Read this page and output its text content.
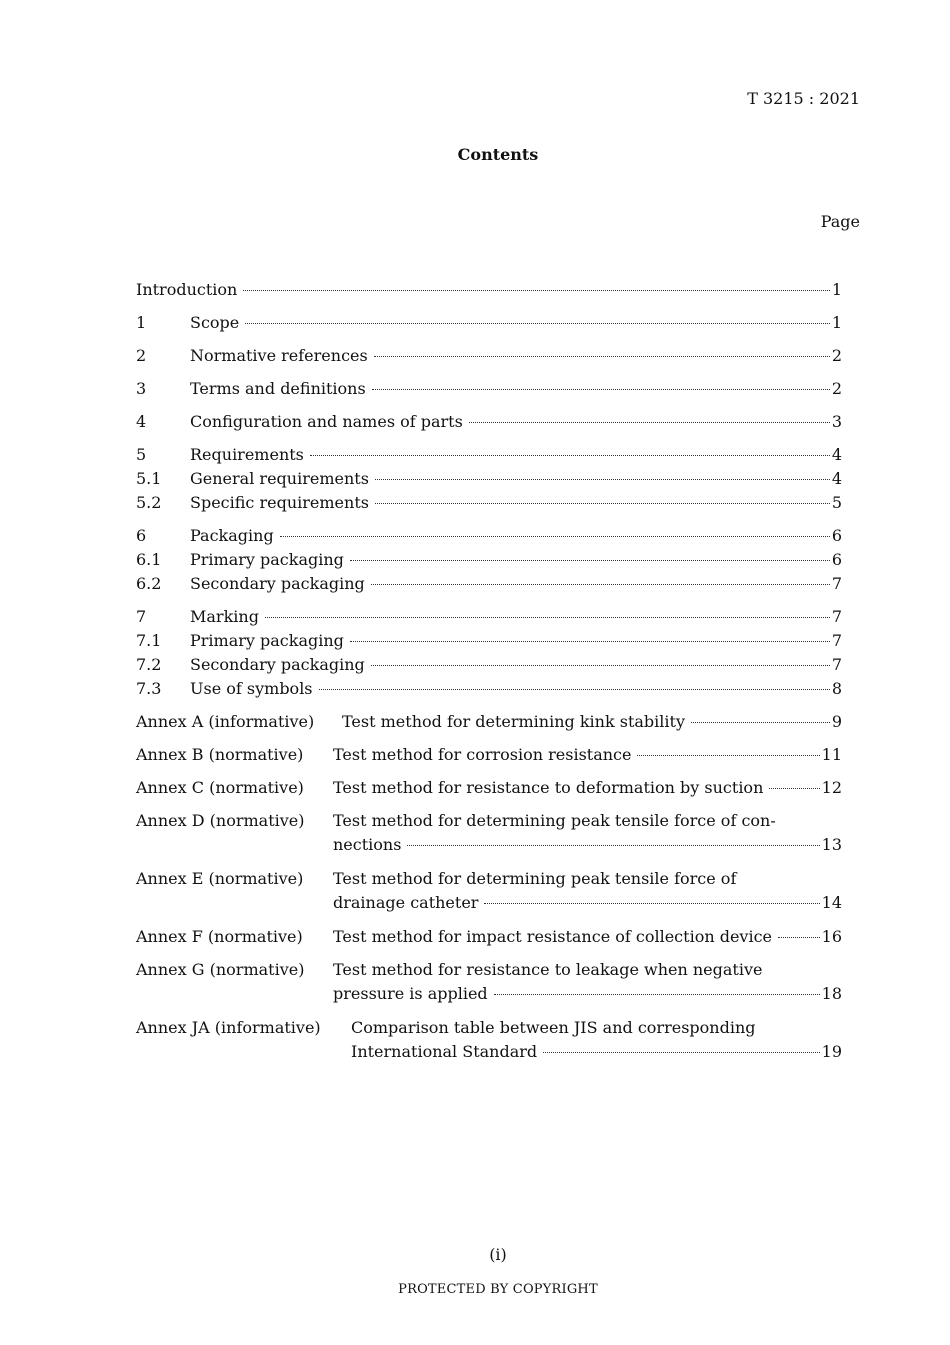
T 3215 : 2021
Contents
Page
Introduction	1
1	Scope	1
2	Normative references	2
3	Terms and definitions	2
4	Configuration and names of parts	3
5	Requirements	4
5.1	General requirements	4
5.2	Specific requirements	5
6	Packaging	6
6.1	Primary packaging	6
6.2	Secondary packaging	7
7	Marking	7
7.1	Primary packaging	7
7.2	Secondary packaging	7
7.3	Use of symbols	8
Annex A (informative)	Test method for determining kink stability	9
Annex B (normative)	Test method for corrosion resistance	11
Annex C (normative)	Test method for resistance to deformation by suction	12
Annex D (normative)	Test method for determining peak tensile force of con-
nections	13
Annex E (normative)	Test method for determining peak tensile force of
drainage catheter	14
Annex F (normative)	Test method for impact resistance of collection device	16
Annex G (normative)	Test method for resistance to leakage when negative
pressure is applied	18
Annex JA (informative)	Comparison table between JIS and corresponding
International Standard	19
(i)
PROTECTED BY COPYRIGHT
